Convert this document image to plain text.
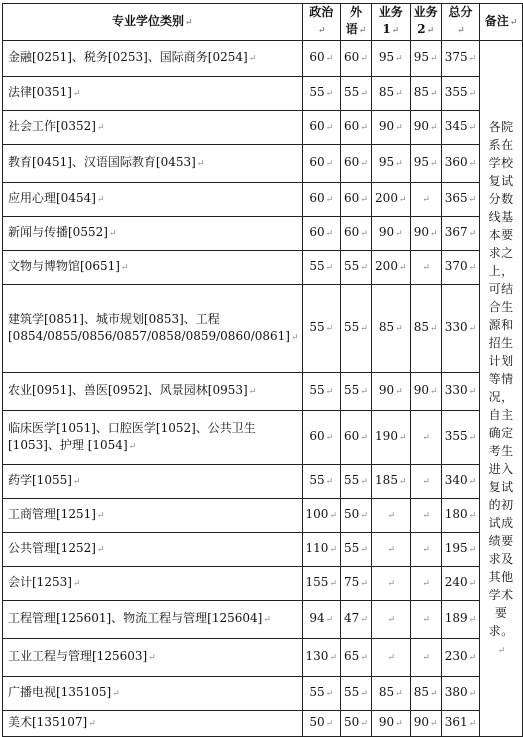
专业学位类别↵	政治↵	外语↵	业务 1↵	业务 2↵	总分↵	备注↵
金融[0251]、税务[0253]、国际商务[0254]↵	60↵	60↵	95↵	95↵	375↵	各院系在学校复试分数线基本要求之上，可结合生源和招生计划等情况，自主确定考生进入复试的初试成绩要求及其他学术要求。↵
法律[0351]↵	55↵	55↵	85↵	85↵	355↵	
社会工作[0352]↵	60↵	60↵	90↵	90↵	345↵	
教育[0451]、汉语国际教育[0453]↵	60↵	60↵	95↵	95↵	360↵	
应用心理[0454]↵	60↵	60↵	200↵	↵	365↵	
新闻与传播[0552]↵	60↵	60↵	90↵	90↵	367↵	
文物与博物馆[0651]↵	55↵	55↵	200↵	↵	370↵	
建筑学[0851]、城市规划[0853]、工程[0854/0855/0856/0857/0858/0859/0860/0861]↵	55↵	55↵	85↵	85↵	330↵	
农业[0951]、兽医[0952]、风景园林[0953]↵	55↵	55↵	90↵	90↵	330↵	
临床医学[1051]、口腔医学[1052]、公共卫生[1053]、护理 [1054]↵	60↵	60↵	190↵	↵	355↵	
药学[1055]↵	55↵	55↵	185↵	↵	340↵	
工商管理[1251]↵	100↵	50↵	↵	↵	180↵	
公共管理[1252]↵	110↵	55↵	↵	↵	195↵	
会计[1253]↵	155↵	75↵	↵	↵	240↵	
工程管理[125601]、物流工程与管理[125604]↵	94↵	47↵	↵	↵	189↵	
工业工程与管理[125603]↵	130↵	65↵	↵	↵	230↵	
广播电视[135105]↵	55↵	55↵	85↵	85↵	380↵	
美术[135107]↵	50↵	50↵	90↵	90↵	361↵	
